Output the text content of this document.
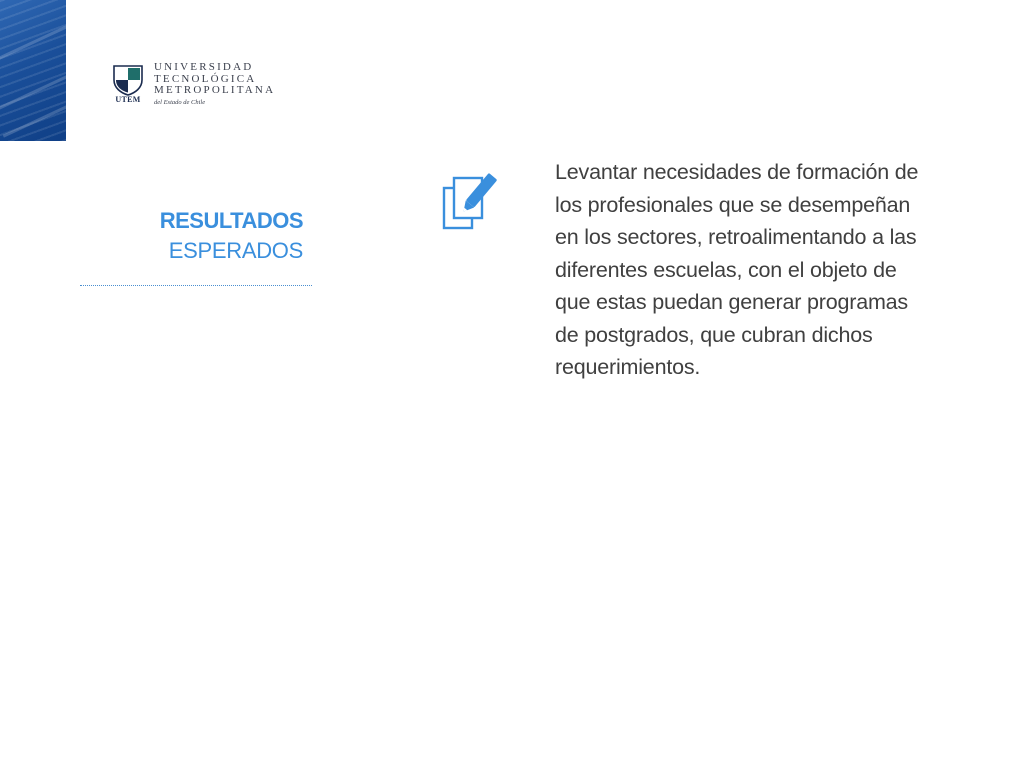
UTEM
UNIVERSIDAD
TECNOLÓGICA
METROPOLITANA
del Estado de Chile
RESULTADOS
ESPERADOS

Levantar necesidades de formación de los profesionales que se desempeñan en los sectores, retroalimentando a las diferentes escuelas, con el objeto de que estas puedan generar programas de postgrados, que cubran dichos requerimientos.
